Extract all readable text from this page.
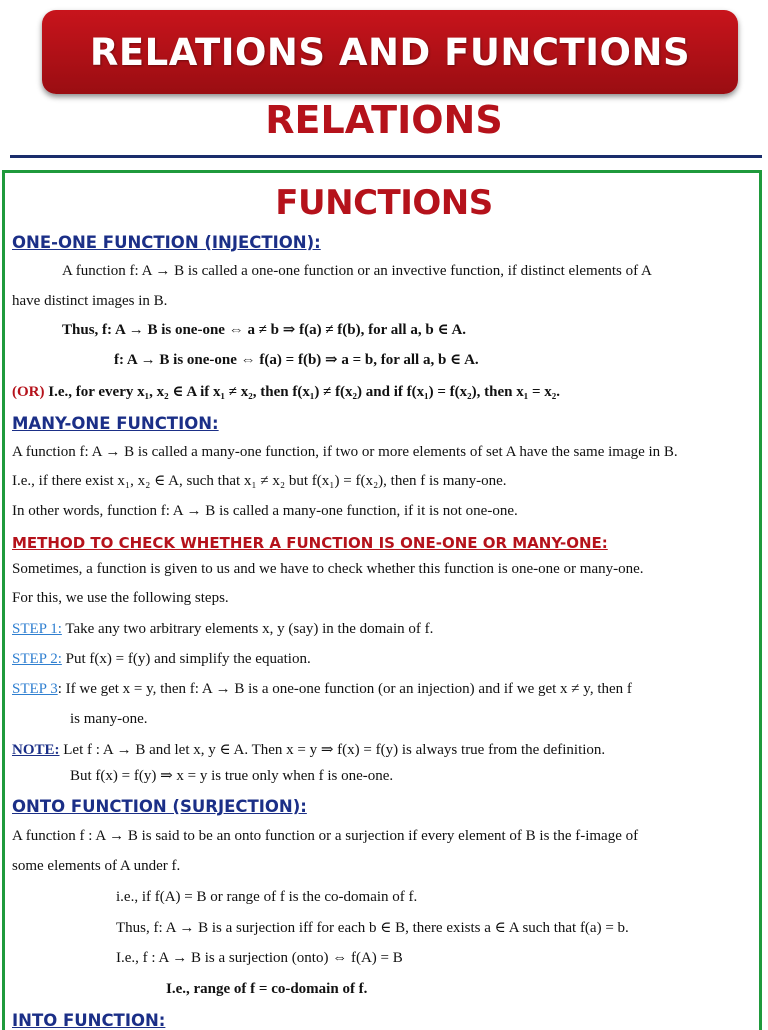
RELATIONS AND FUNCTIONS
RELATIONS
FUNCTIONS
ONE-ONE FUNCTION (INJECTION):
A function f: A → B is called a one-one function or an invective function, if distinct elements of A
have distinct images in B.
Thus, f: A → B is one-one ⇔ a ≠ b ⇒ f(a) ≠ f(b), for all a, b ∈ A.
f: A → B is one-one ⇔ f(a) = f(b) ⇒ a = b, for all a, b ∈ A.
(OR) I.e., for every x₁, x₂ ∈ A if x₁ ≠ x₂, then f(x₁) ≠ f(x₂) and if f(x₁) = f(x₂), then x₁ = x₂.
MANY-ONE FUNCTION:
A function f: A → B is called a many-one function, if two or more elements of set A have the same image in B.
I.e., if there exist x₁, x₂ ∈ A, such that x₁ ≠ x₂ but f(x₁) = f(x₂), then f is many-one.
In other words, function f: A → B is called a many-one function, if it is not one-one.
METHOD TO CHECK WHETHER A FUNCTION IS ONE-ONE OR MANY-ONE:
Sometimes, a function is given to us and we have to check whether this function is one-one or many-one.
For this, we use the following steps.
STEP 1: Take any two arbitrary elements x, y (say) in the domain of f.
STEP 2: Put f(x) = f(y) and simplify the equation.
STEP 3: If we get x = y, then f: A → B is a one-one function (or an injection) and if we get x ≠ y, then f
is many-one.
NOTE: Let f : A → B and let x, y ∈ A. Then x = y ⇒ f(x) = f(y) is always true from the definition.
But f(x) = f(y) ⇒ x = y is true only when f is one-one.
ONTO FUNCTION (SURJECTION):
A function f : A → B is said to be an onto function or a surjection if every element of B is the f-image of
some elements of A under f.
i.e., if f(A) = B or range of f is the co-domain of f.
Thus, f: A → B is a surjection iff for each b ∈ B, there exists a ∈ A such that f(a) = b.
I.e., f : A → B is a surjection (onto) ⇔ f(A) = B
I.e., range of f = co-domain of f.
INTO FUNCTION:
